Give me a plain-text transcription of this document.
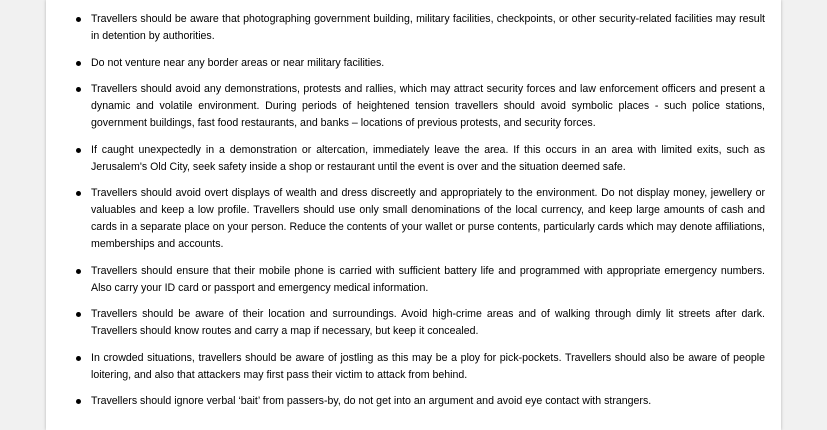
Travellers should be aware that photographing government building, military facilities, checkpoints, or other security-related facilities may result in detention by authorities.
Do not venture near any border areas or near military facilities.
Travellers should avoid any demonstrations, protests and rallies, which may attract security forces and law enforcement officers and present a dynamic and volatile environment. During periods of heightened tension travellers should avoid symbolic places - such police stations, government buildings, fast food restaurants, and banks – locations of previous protests, and security forces.
If caught unexpectedly in a demonstration or altercation, immediately leave the area. If this occurs in an area with limited exits, such as Jerusalem's Old City, seek safety inside a shop or restaurant until the event is over and the situation deemed safe.
Travellers should avoid overt displays of wealth and dress discreetly and appropriately to the environment. Do not display money, jewellery or valuables and keep a low profile. Travellers should use only small denominations of the local currency, and keep large amounts of cash and cards in a separate place on your person. Reduce the contents of your wallet or purse contents, particularly cards which may denote affiliations, memberships and accounts.
Travellers should ensure that their mobile phone is carried with sufficient battery life and programmed with appropriate emergency numbers. Also carry your ID card or passport and emergency medical information.
Travellers should be aware of their location and surroundings. Avoid high-crime areas and of walking through dimly lit streets after dark. Travellers should know routes and carry a map if necessary, but keep it concealed.
In crowded situations, travellers should be aware of jostling as this may be a ploy for pick-pockets. Travellers should also be aware of people loitering, and also that attackers may first pass their victim to attack from behind.
Travellers should ignore verbal ‘bait’ from passers-by, do not get into an argument and avoid eye contact with strangers.
